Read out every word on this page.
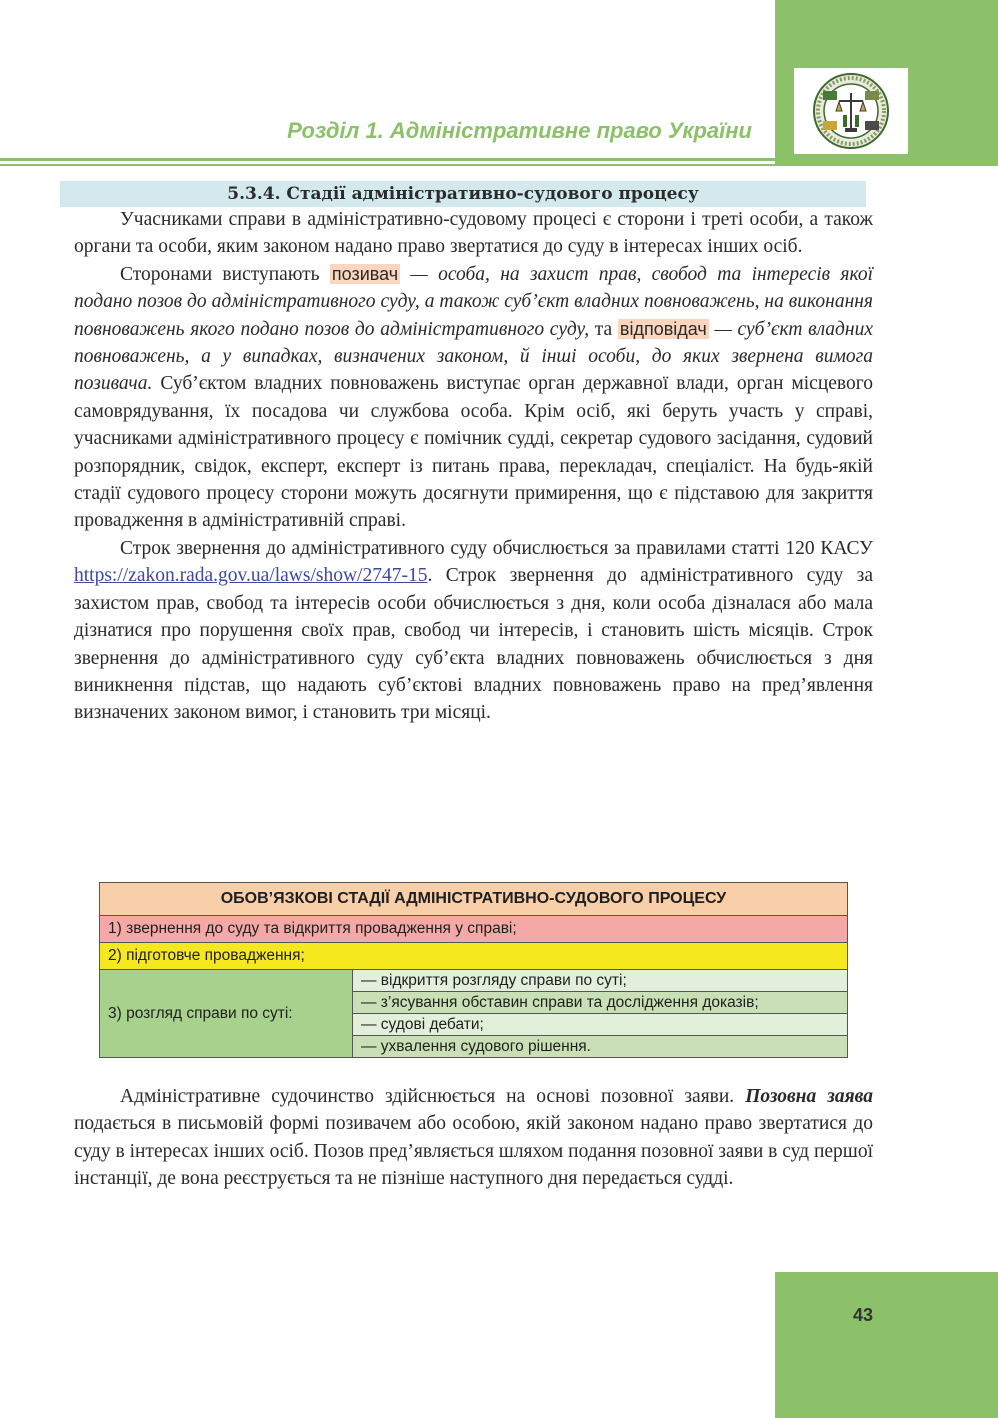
Розділ 1. Адміністративне право України
5.3.4. Стадії адміністративно-судового процесу

Учасниками справи в адміністративно-судовому процесі є сторони і треті особи, а також органи та особи, яким законом надано право звертатися до суду в інтересах інших осіб.

Сторонами виступають позивач — особа, на захист прав, свобод та інтересів якої подано позов до адміністративного суду, а також суб’єкт владних повноважень, на виконання повноважень якого подано позов до адміністративного суду, та відповідач — суб’єкт владних повноважень, а у випадках, визначених законом, й інші особи, до яких звернена вимога позивача. Суб’єктом владних повноважень виступає орган державної влади, орган місцевого самоврядування, їх посадова чи службова особа. Крім осіб, які беруть участь у справі, учасниками адміністративного процесу є помічник судді, секретар судового засідання, судовий розпорядник, свідок, експерт, експерт із питань права, перекладач, спеціаліст. На будь-якій стадії судового процесу сторони можуть досягнути примирення, що є підставою для закриття провадження в адміністративній справі.

Строк звернення до адміністративного суду обчислюється за правилами статті 120 КАСУ https://zakon.rada.gov.ua/laws/show/2747-15. Строк звернення до адміністративного суду за захистом прав, свобод та інтересів особи обчислюється з дня, коли особа дізналася або мала дізнатися про порушення своїх прав, свобод чи інтересів, і становить шість місяців. Строк звернення до адміністративного суду суб’єкта владних повноважень обчислюється з дня виникнення підстав, що надають суб’єктові владних повноважень право на пред’явлення визначених законом вимог, і становить три місяці.

ОБОВ’ЯЗКОВІ СТАДІЇ АДМІНІСТРАТИВНО-СУДОВОГО ПРОЦЕСУ
1) звернення до суду та відкриття провадження у справі;
2) підготовче провадження;
3) розгляд справи по суті:	— відкриття розгляду справи по суті;
— з’ясування обставин справи та дослідження доказів;
— судові дебати;
— ухвалення судового рішення.

Адміністративне судочинство здійснюється на основі позовної заяви. Позовна заява подається в письмовій формі позивачем або особою, якій законом надано право звертатися до суду в інтересах інших осіб. Позов пред’являється шляхом подання позовної заяви в суд першої інстанції, де вона реєструється та не пізніше наступного дня передається судді.

43
